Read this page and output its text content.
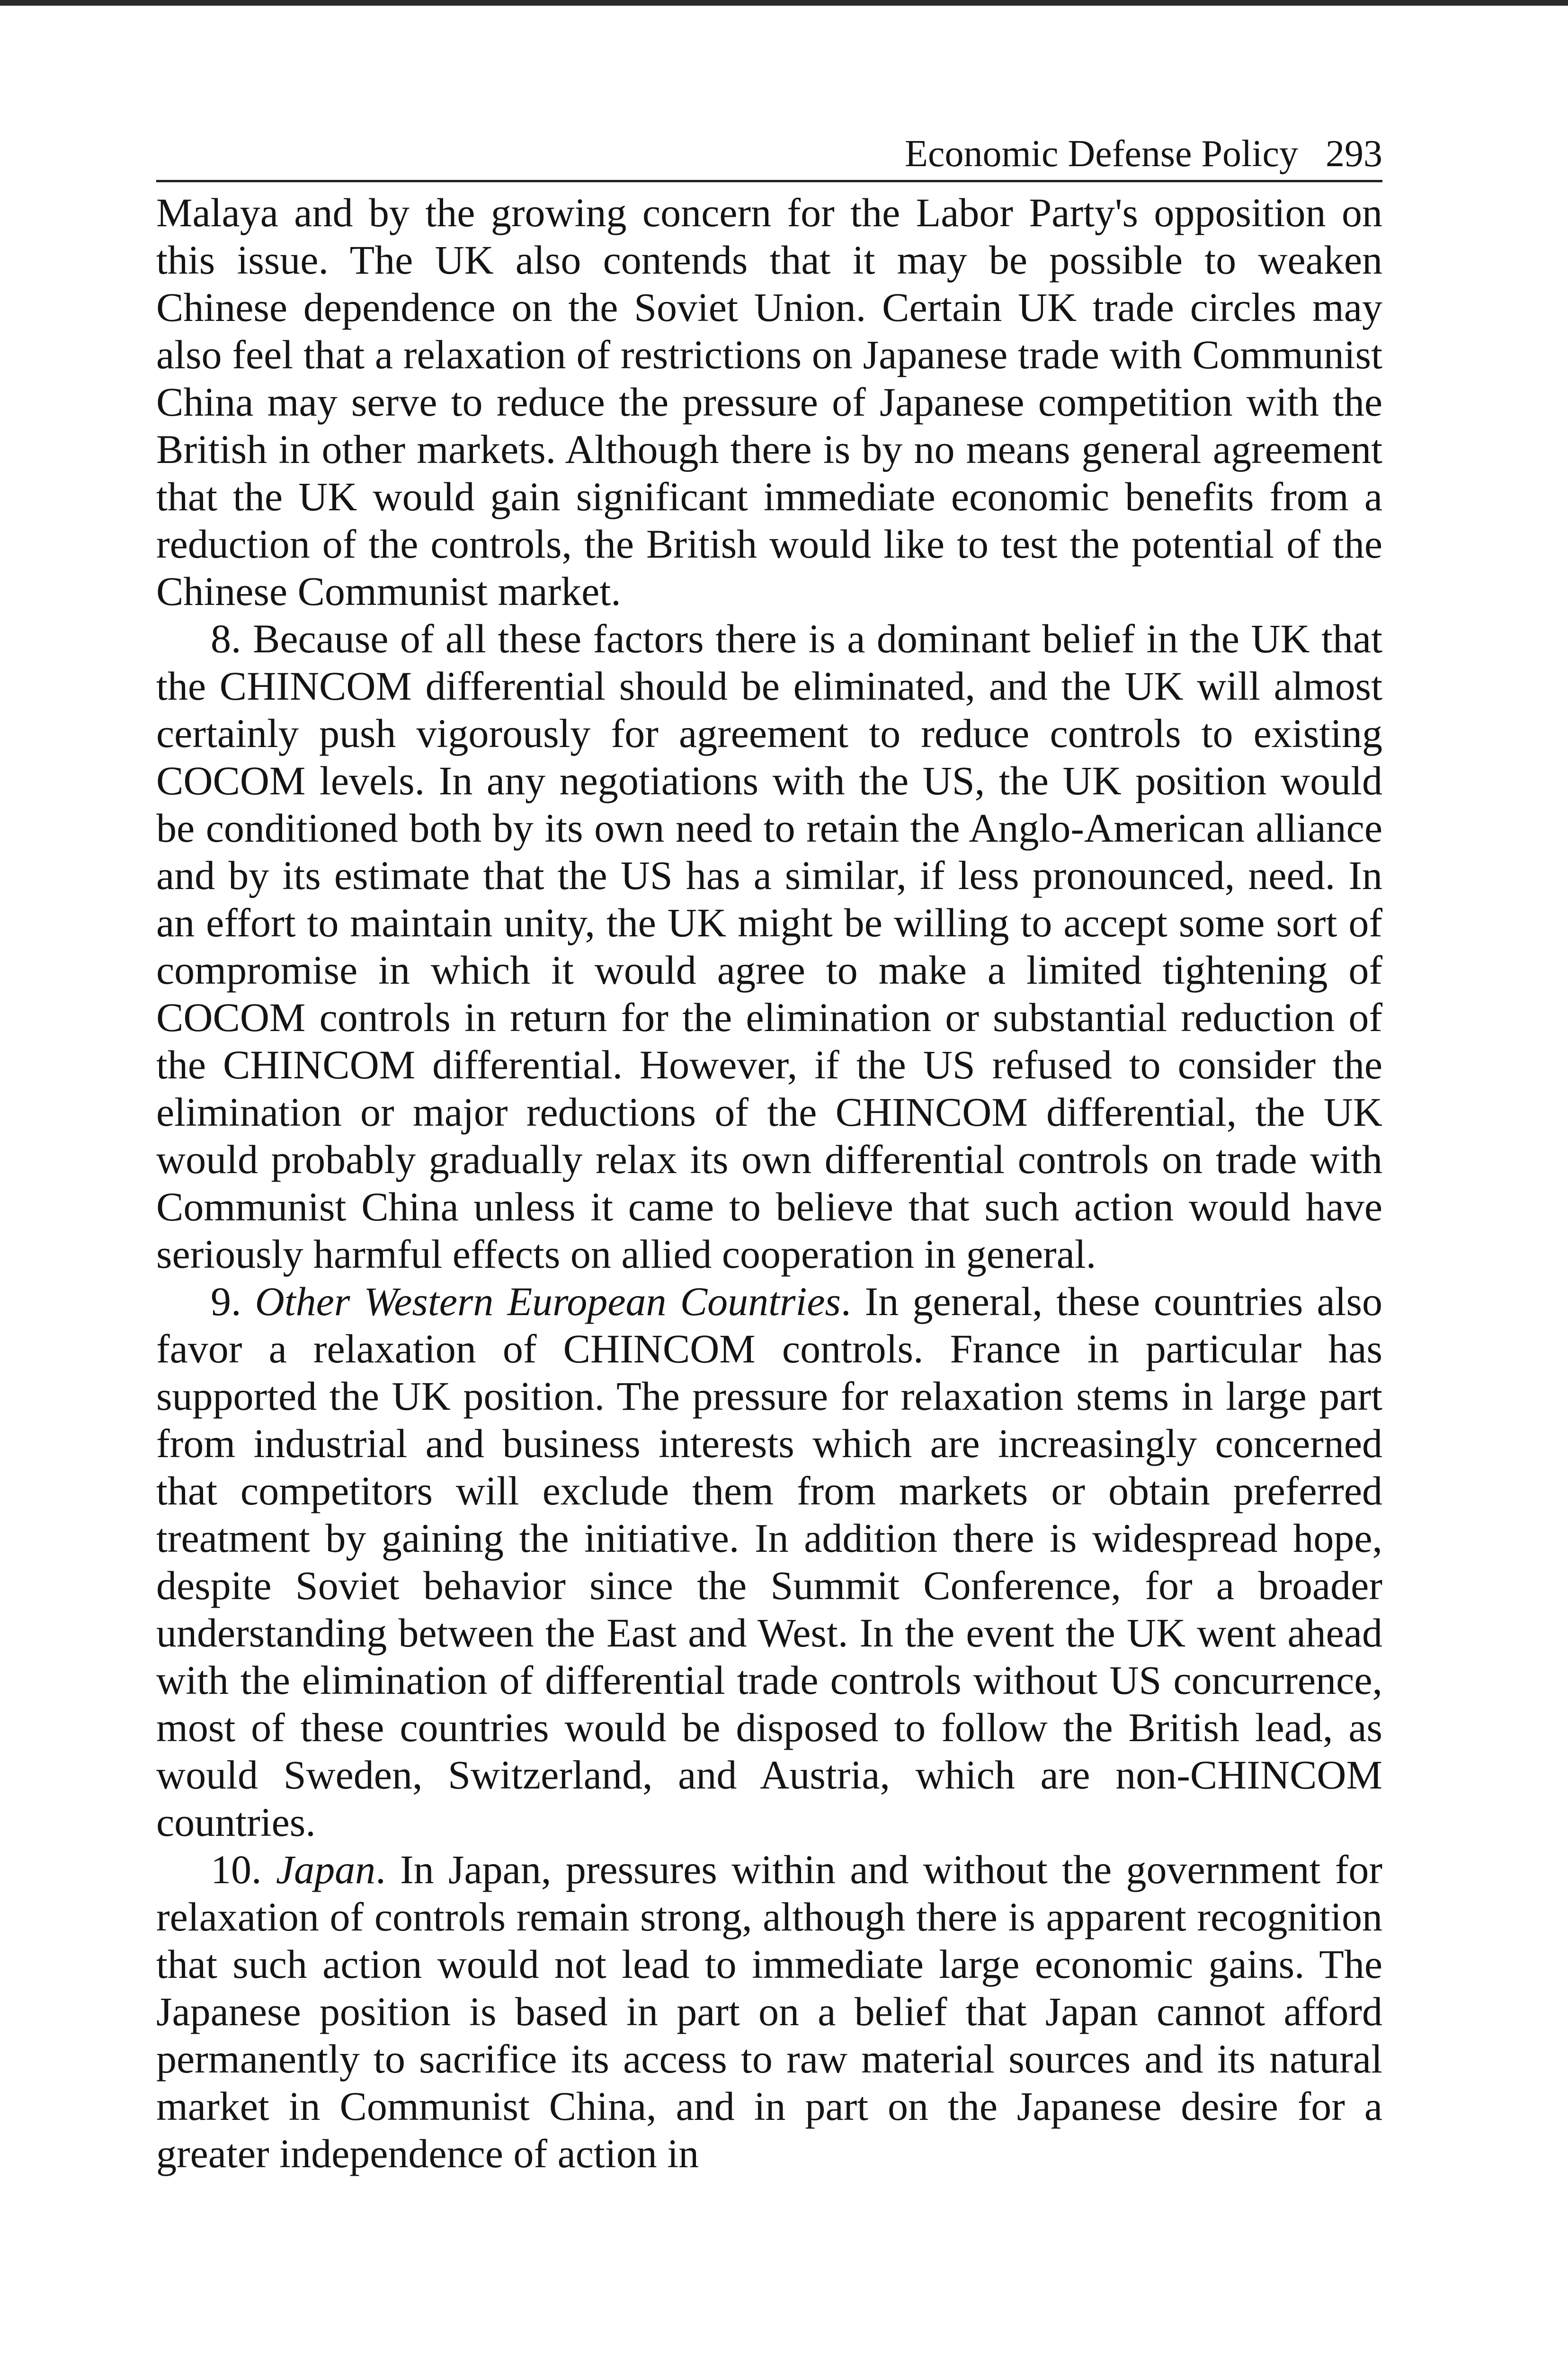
Economic Defense Policy 293

Malaya and by the growing concern for the Labor Party's opposition on this issue. The UK also contends that it may be possible to weaken Chinese dependence on the Soviet Union. Certain UK trade circles may also feel that a relaxation of restrictions on Japanese trade with Communist China may serve to reduce the pressure of Japanese competition with the British in other markets. Although there is by no means general agreement that the UK would gain significant immediate economic benefits from a reduction of the controls, the British would like to test the potential of the Chinese Communist market.

8. Because of all these factors there is a dominant belief in the UK that the CHINCOM differential should be eliminated, and the UK will almost certainly push vigorously for agreement to reduce controls to existing COCOM levels. In any negotiations with the US, the UK position would be conditioned both by its own need to retain the Anglo-American alliance and by its estimate that the US has a similar, if less pronounced, need. In an effort to maintain unity, the UK might be willing to accept some sort of compromise in which it would agree to make a limited tightening of COCOM controls in return for the elimination or substantial reduction of the CHINCOM differential. However, if the US refused to consider the elimination or major reductions of the CHINCOM differential, the UK would probably gradually relax its own differential controls on trade with Communist China unless it came to believe that such action would have seriously harmful effects on allied cooperation in general.

9. Other Western European Countries. In general, these countries also favor a relaxation of CHINCOM controls. France in particular has supported the UK position. The pressure for relaxation stems in large part from industrial and business interests which are increasingly concerned that competitors will exclude them from markets or obtain preferred treatment by gaining the initiative. In addition there is widespread hope, despite Soviet behavior since the Summit Conference, for a broader understanding between the East and West. In the event the UK went ahead with the elimination of differential trade controls without US concurrence, most of these countries would be disposed to follow the British lead, as would Sweden, Switzerland, and Austria, which are non-CHINCOM countries.

10. Japan. In Japan, pressures within and without the government for relaxation of controls remain strong, although there is apparent recognition that such action would not lead to immediate large economic gains. The Japanese position is based in part on a belief that Japan cannot afford permanently to sacrifice its access to raw material sources and its natural market in Communist China, and in part on the Japanese desire for a greater independence of action in
